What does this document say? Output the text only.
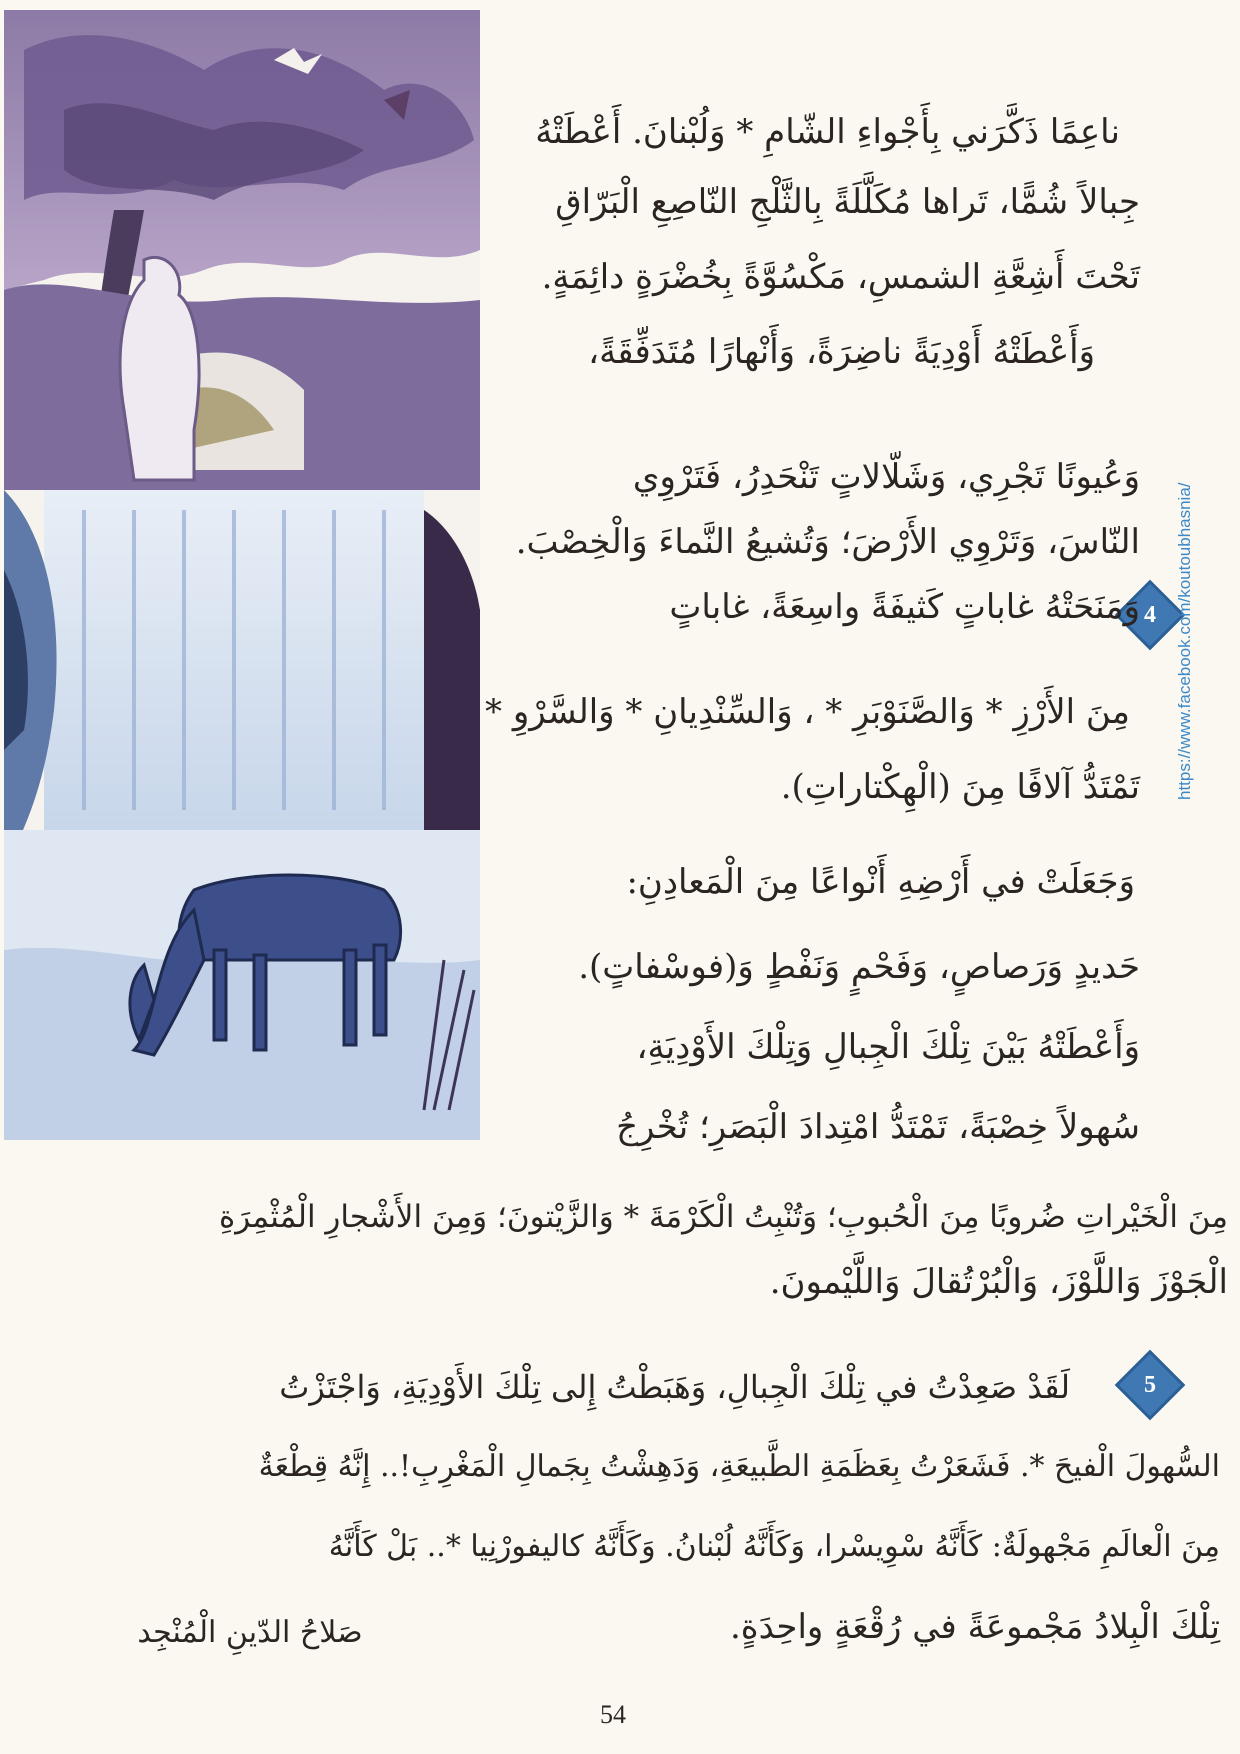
ناعِمًا ذَكَّرَني بِأَجْواءِ الشّامِ * وَلُبْنانَ. أَعْطَتْهُ
جِبالاً شُمًّا، تَراها مُكَلَّلَةً بِالثَّلْجِ النّاصِعِ الْبَرّاقِ
تَحْتَ أَشِعَّةِ الشمسِ، مَكْسُوَّةً بِخُضْرَةٍ دائِمَةٍ.
وَأَعْطَتْهُ أَوْدِيَةً ناضِرَةً، وَأَنْهارًا مُتَدَفِّقَةً،
وَعُيونًا تَجْرِي، وَشَلّالاتٍ تَنْحَدِرُ، فَتَرْوِي
النّاسَ، وَتَرْوِي الأَرْضَ؛ وَتُشيعُ النَّماءَ وَالْخِصْبَ.
4
وَمَنَحَتْهُ غاباتٍ كَثيفَةً واسِعَةً، غاباتٍ
مِنَ الأَرْزِ * وَالصَّنَوْبَرِ * ، وَالسِّنْدِيانِ * وَالسَّرْوِ *
تَمْتَدُّ آلافًا مِنَ (الْهِكْتاراتِ).
وَجَعَلَتْ في أَرْضِهِ أَنْواعًا مِنَ الْمَعادِنِ:
حَديدٍ وَرَصاصٍ، وَفَحْمٍ وَنَفْطٍ وَ(فوسْفاتٍ).
وَأَعْطَتْهُ بَيْنَ تِلْكَ الْجِبالِ وَتِلْكَ الأَوْدِيَةِ،
سُهولاً خِصْبَةً، تَمْتَدُّ امْتِدادَ الْبَصَرِ؛ تُخْرِجُ
مِنَ الْخَيْراتِ ضُروبًا مِنَ الْحُبوبِ؛ وَتُنْبِتُ الْكَرْمَةَ * وَالزَّيْتونَ؛ وَمِنَ الأَشْجارِ الْمُثْمِرَةِ
الْجَوْزَ وَاللَّوْزَ، وَالْبُرْتُقالَ وَاللَّيْمونَ.
5
لَقَدْ صَعِدْتُ في تِلْكَ الْجِبالِ، وَهَبَطْتُ إِلى تِلْكَ الأَوْدِيَةِ، وَاجْتَزْتُ
السُّهولَ الْفيحَ *. فَشَعَرْتُ بِعَظَمَةِ الطَّبيعَةِ، وَدَهِشْتُ بِجَمالِ الْمَغْرِبِ!.. إِنَّهُ قِطْعَةٌ
مِنَ الْعالَمِ مَجْهولَةٌ: كَأَنَّهُ سْوِيسْرا، وَكَأَنَّهُ لُبْنانُ. وَكَأَنَّهُ كاليفورْنِيا *.. بَلْ كَأَنَّهُ
تِلْكَ الْبِلادُ مَجْموعَةً في رُقْعَةٍ واحِدَةٍ.
صَلاحُ الدّينِ الْمُنْجِد
54
https://www.facebook.com/koutoubhasnia/
